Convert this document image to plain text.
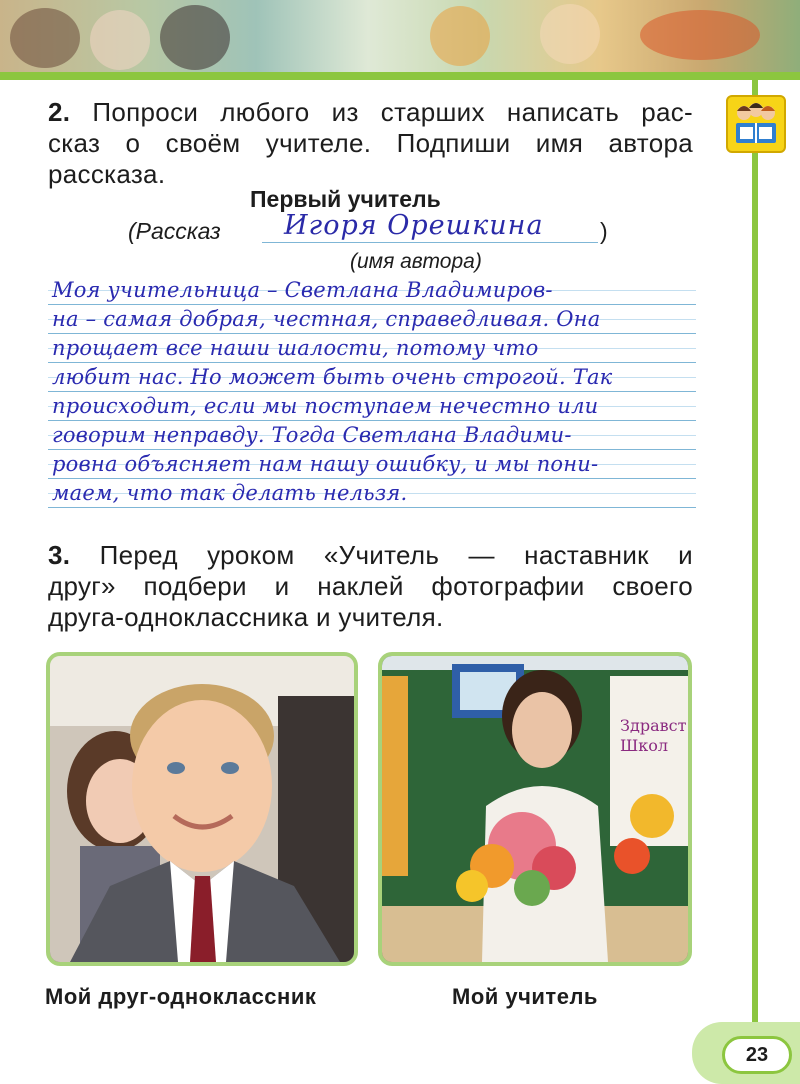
2. Попроси любого из старших написать рас-
сказ о своём учителе. Подпиши имя автора
рассказа.
Первый учитель
(Рассказ Игоря Орешкина )
(имя автора)
Моя учительница – Светлана Владимиров-
на – самая добрая, честная, справедливая. Она
прощает все наши шалости, потому что
любит нас. Но может быть очень строгой. Так
происходит, если мы поступаем нечестно или
говорим неправду. Тогда Светлана Владими-
ровна объясняет нам нашу ошибку, и мы пони-
маем, что так делать нельзя.
3. Перед уроком «Учитель — наставник и
друг» подбери и наклей фотографии своего
друга-одноклассника и учителя.
Здравст
Школ
Мой друг-одноклассник	Мой учитель
23
